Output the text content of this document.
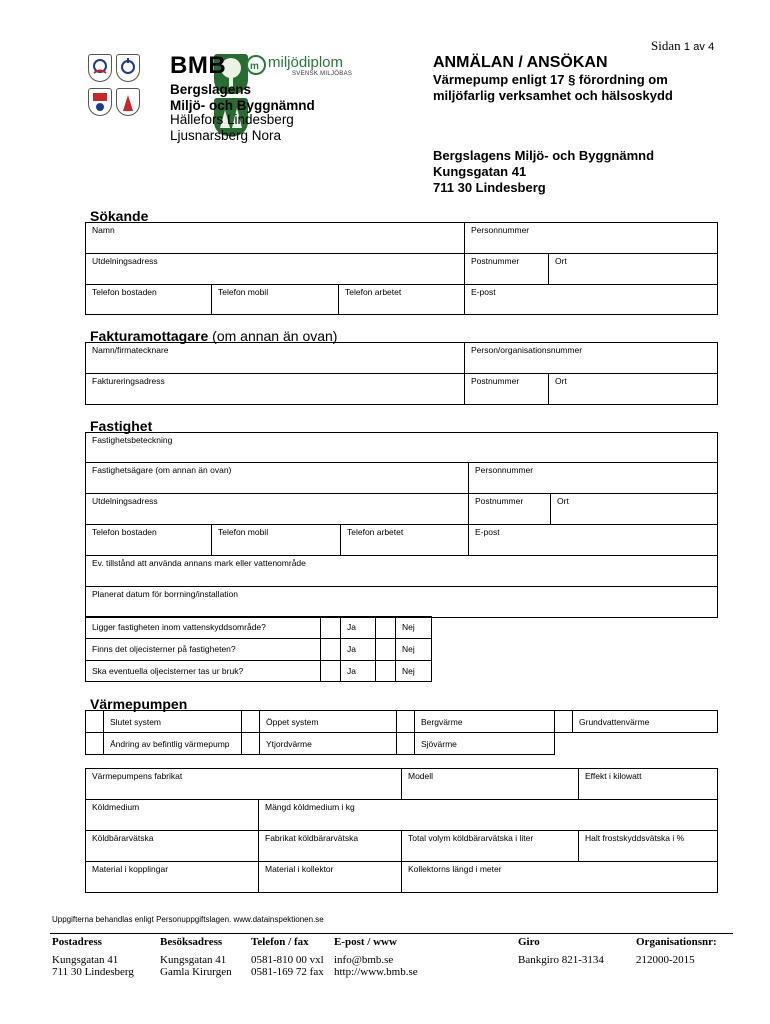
Sidan 1 av 4
BMB
Bergslagens
Miljö- och Byggnämnd
Hällefors Lindesberg
Ljusnarsberg Nora
m miljödiplom
SVENSK MILJÖBAS
ANMÄLAN / ANSÖKAN
Värmepump enligt 17 § förordning om
miljöfarlig verksamhet och hälsoskydd
Bergslagens Miljö- och Byggnämnd
Kungsgatan 41
711 30 Lindesberg
Sökande
Namn			Personnummer	
Utdelningsadress			Postnummer	Ort
Telefon bostaden	Telefon mobil	Telefon arbetet	E-post	
Fakturamottagare (om annan än ovan)
Namn/firmatecknare	Person/organisationsnummer	
Faktureringsadress	Postnummer	Ort
Fastighet
Fastighetsbeteckning				
Fastighetsägare (om annan än ovan)			Personnummer	
Utdelningsadress			Postnummer	Ort
Telefon bostaden	Telefon mobil	Telefon arbetet	E-post	
Ev. tillstånd att använda annans mark eller vattenområde				
Planerat datum för borrning/installation				
Ligger fastigheten inom vattenskyddsområde?		Ja		Nej
Finns det oljecisterner på fastigheten?		Ja		Nej
Ska eventuella oljecisterner tas ur bruk?		Ja		Nej
Värmepumpen
	Slutet system		Öppet system		Bergvärme		Grundvattenvärme
	Ändring av befintlig värmepump		Ytjordvärme		Sjövärme		
Värmepumpens fabrikat		Modell	Effekt i kilowatt
Köldmedium	Mängd köldmedium i kg		
Köldbärarvätska	Fabrikat köldbärarvätska	Total volym köldbärarvätska i liter	Halt frostskyddsvätska i %
Material i kopplingar	Material i kollektor	Kollektorns längd i meter	
Uppgifterna behandlas enligt Personuppgiftslagen. www.datainspektionen.se
Postadress
Kungsgatan 41
711 30 Lindesberg
Besöksadress
Kungsgatan 41
Gamla Kirurgen
Telefon / fax
0581-810 00 vxl
0581-169 72 fax
E-post / www
info@bmb.se
http://www.bmb.se
Giro
Bankgiro 821-3134
Organisationsnr:
212000-2015
